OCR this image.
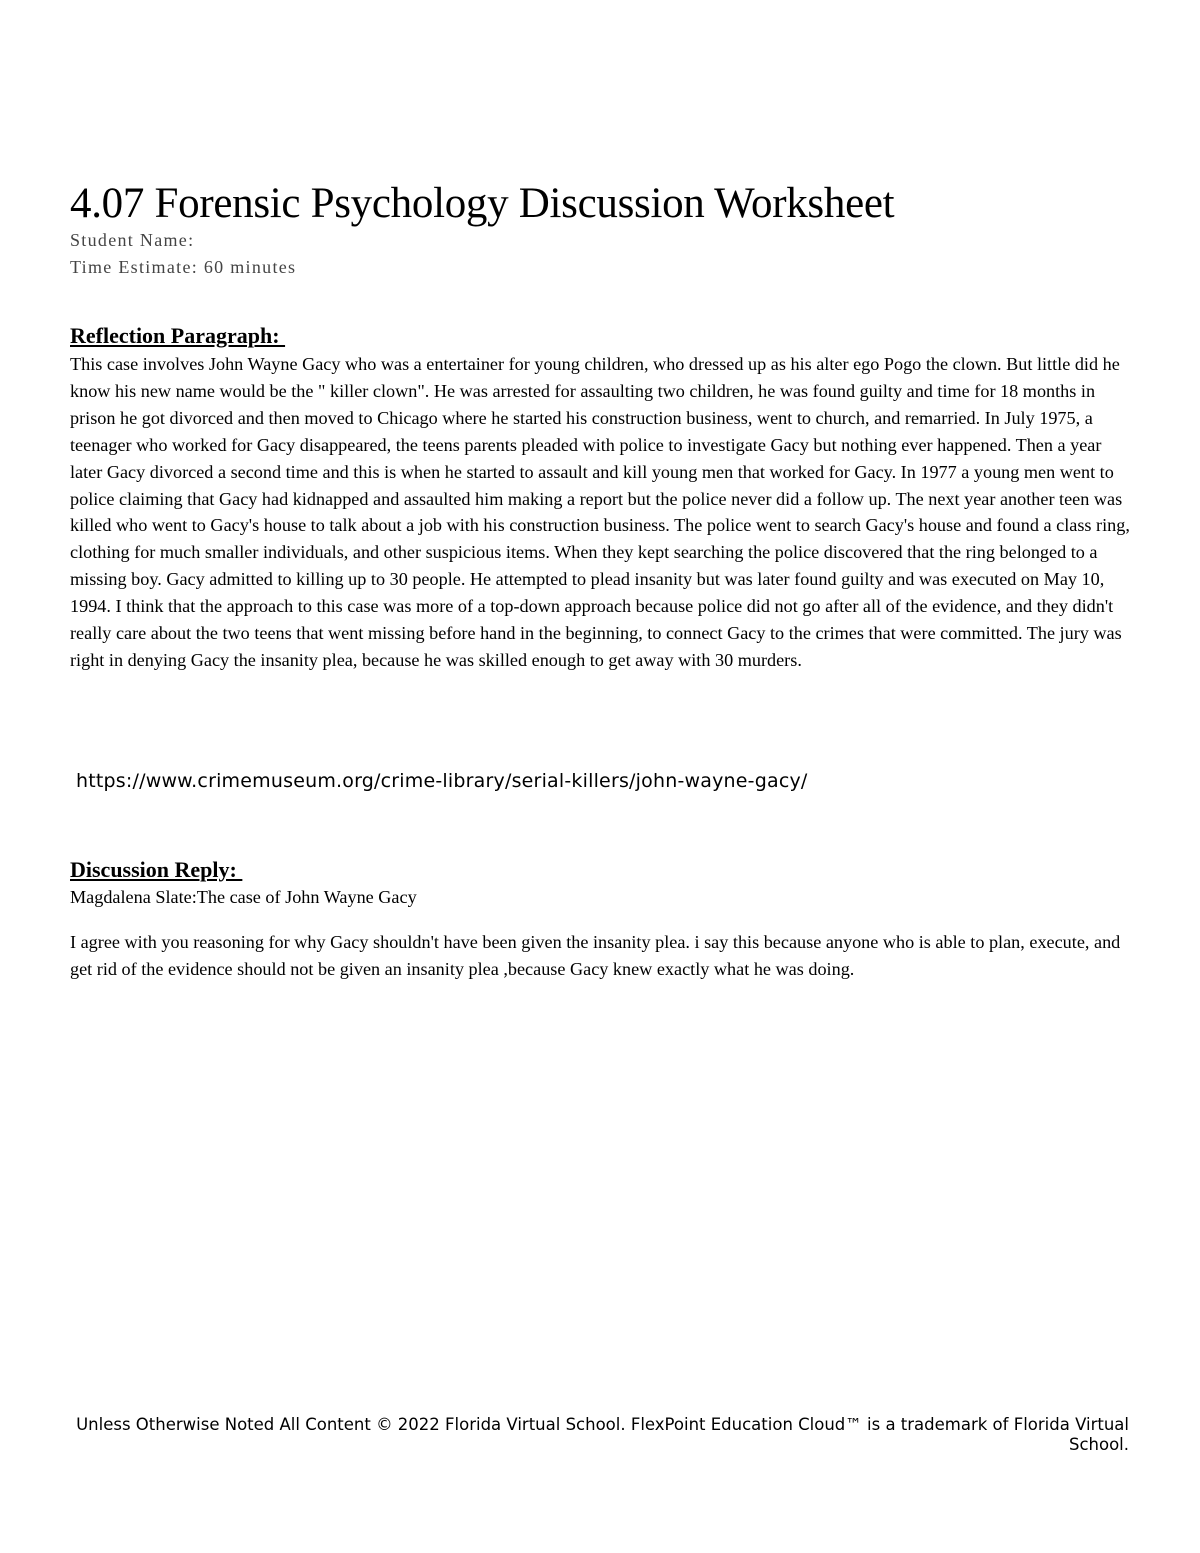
4.07 Forensic Psychology Discussion Worksheet
Student Name:
Time Estimate: 60 minutes
Reflection Paragraph:

This case involves John Wayne Gacy who was a entertainer for young children, who dressed up as his alter ego Pogo the clown. But little did he know his new name would be the " killer clown". He was arrested for assaulting two children, he was found guilty and time for 18 months in prison he got divorced and then moved to Chicago where he started his construction business, went to church, and remarried. In July 1975, a teenager who worked for Gacy disappeared, the teens parents pleaded with police to investigate Gacy but nothing ever happened. Then a year later Gacy divorced a second time and this is when he started to assault and kill young men that worked for Gacy. In 1977 a young men went to police claiming that Gacy had kidnapped and assaulted him making a report but the police never did a follow up. The next year another teen was killed who went to Gacy's house to talk about a job with his construction business. The police went to search Gacy's house and found a class ring, clothing for much smaller individuals, and other suspicious items. When they kept searching the police discovered that the ring belonged to a missing boy. Gacy admitted to killing up to 30 people. He attempted to plead insanity but was later found guilty and was executed on May 10, 1994. I think that the approach to this case was more of a top-down approach because police did not go after all of the evidence, and they didn't really care about the two teens that went missing before hand in the beginning, to connect Gacy to the crimes that were committed. The jury was right in denying Gacy the insanity plea, because he was skilled enough to get away with 30 murders.

https://www.crimemuseum.org/crime-library/serial-killers/john-wayne-gacy/
Discussion Reply:
Magdalena Slate:The case of John Wayne Gacy

I agree with you reasoning for why Gacy shouldn't have been given the insanity plea. i say this because anyone who is able to plan, execute, and get rid of the evidence should not be given an insanity plea ,because Gacy knew exactly what he was doing.

Unless Otherwise Noted All Content © 2022 Florida Virtual School. FlexPoint Education Cloud™ is a trademark of Florida Virtual School.
